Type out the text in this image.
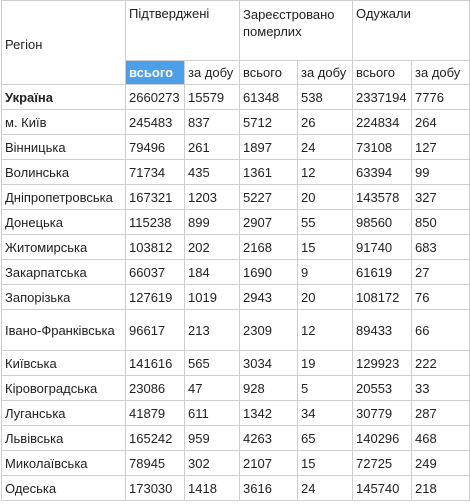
Регіон	Підтверджені		Зареєстровано померлих		Одужали	
	всього	за добу	всього	за добу	всього	за добу
Україна	2660273	15579	61348	538	2337194	7776
м. Київ	245483	837	5712	26	224834	264
Вінницька	79496	261	1897	24	73108	127
Волинська	71734	435	1361	12	63394	99
Дніпропетровська	167321	1203	5227	20	143578	327
Донецька	115238	899	2907	55	98560	850
Житомирська	103812	202	2168	15	91740	683
Закарпатська	66037	184	1690	9	61619	27
Запорізька	127619	1019	2943	20	108172	76
Івано-Франківська	96617	213	2309	12	89433	66
Київська	141616	565	3034	19	129923	222
Кіровоградська	23086	47	928	5	20553	33
Луганська	41879	611	1342	34	30779	287
Львівська	165242	959	4263	65	140296	468
Миколаївська	78945	302	2107	15	72725	249
Одеська	173030	1418	3616	24	145740	218
